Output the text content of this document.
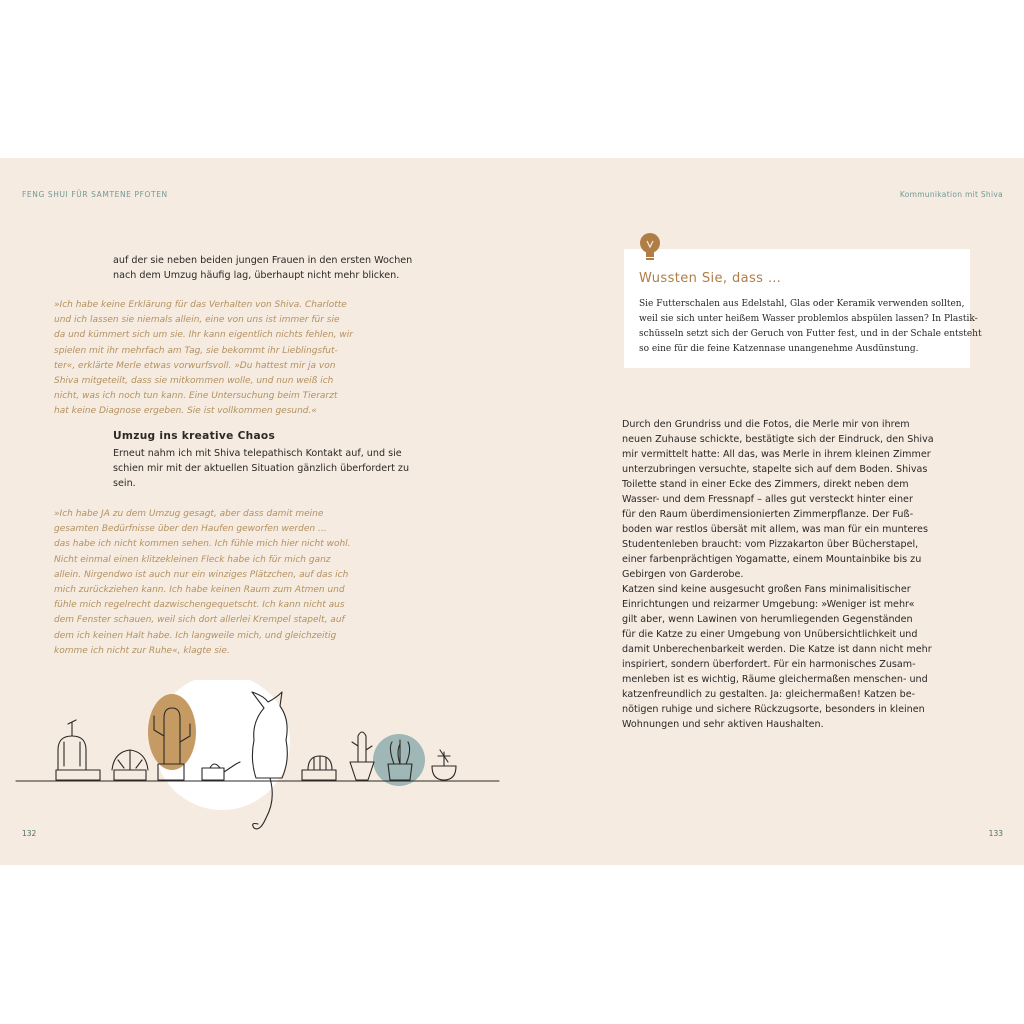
FENG SHUI FÜR SAMTENE PFOTEN	Kommunikation mit Shiva
auf der sie neben beiden jungen Frauen in den ersten Wochen
nach dem Umzug häufig lag, überhaupt nicht mehr blicken.
»Ich habe keine Erklärung für das Verhalten von Shiva. Charlotte
und ich lassen sie niemals allein, eine von uns ist immer für sie
da und kümmert sich um sie. Ihr kann eigentlich nichts fehlen, wir
spielen mit ihr mehrfach am Tag, sie bekommt ihr Lieblingsfut-
ter«, erklärte Merle etwas vorwurfsvoll. »Du hattest mir ja von
Shiva mitgeteilt, dass sie mitkommen wolle, und nun weiß ich
nicht, was ich noch tun kann. Eine Untersuchung beim Tierarzt
hat keine Diagnose ergeben. Sie ist vollkommen gesund.«
Umzug ins kreative Chaos
Erneut nahm ich mit Shiva telepathisch Kontakt auf, und sie
schien mir mit der aktuellen Situation gänzlich überfordert zu
sein.
»Ich habe JA zu dem Umzug gesagt, aber dass damit meine
gesamten Bedürfnisse über den Haufen geworfen werden …
das habe ich nicht kommen sehen. Ich fühle mich hier nicht wohl.
Nicht einmal einen klitzekleinen Fleck habe ich für mich ganz
allein. Nirgendwo ist auch nur ein winziges Plätzchen, auf das ich
mich zurückziehen kann. Ich habe keinen Raum zum Atmen und
fühle mich regelrecht dazwischengequetscht. Ich kann nicht aus
dem Fenster schauen, weil sich dort allerlei Krempel stapelt, auf
dem ich keinen Halt habe. Ich langweile mich, und gleichzeitig
komme ich nicht zur Ruhe«, klagte sie.
132
Wussten Sie, dass …
Sie Futterschalen aus Edelstahl, Glas oder Keramik verwenden sollten,
weil sie sich unter heißem Wasser problemlos abspülen lassen? In Plastik-
schüsseln setzt sich der Geruch von Futter fest, und in der Schale entsteht
so eine für die feine Katzennase unangenehme Ausdünstung.
Durch den Grundriss und die Fotos, die Merle mir von ihrem
neuen Zuhause schickte, bestätigte sich der Eindruck, den Shiva
mir vermittelt hatte: All das, was Merle in ihrem kleinen Zimmer
unterzubringen versuchte, stapelte sich auf dem Boden. Shivas
Toilette stand in einer Ecke des Zimmers, direkt neben dem
Wasser- und dem Fressnapf – alles gut versteckt hinter einer
für den Raum überdimensionierten Zimmerpflanze. Der Fuß-
boden war restlos übersät mit allem, was man für ein munteres
Studentenleben braucht: vom Pizzakarton über Bücherstapel,
einer farbenprächtigen Yogamatte, einem Mountainbike bis zu
Gebirgen von Garderobe.
Katzen sind keine ausgesucht großen Fans minimalisitischer
Einrichtungen und reizarmer Umgebung: »Weniger ist mehr«
gilt aber, wenn Lawinen von herumliegenden Gegenständen
für die Katze zu einer Umgebung von Unübersichtlichkeit und
damit Unberechenbarkeit werden. Die Katze ist dann nicht mehr
inspiriert, sondern überfordert. Für ein harmonisches Zusam-
menleben ist es wichtig, Räume gleichermaßen menschen- und
katzenfreundlich zu gestalten. Ja: gleichermaßen! Katzen be-
nötigen ruhige und sichere Rückzugsorte, besonders in kleinen
Wohnungen und sehr aktiven Haushalten.
133
